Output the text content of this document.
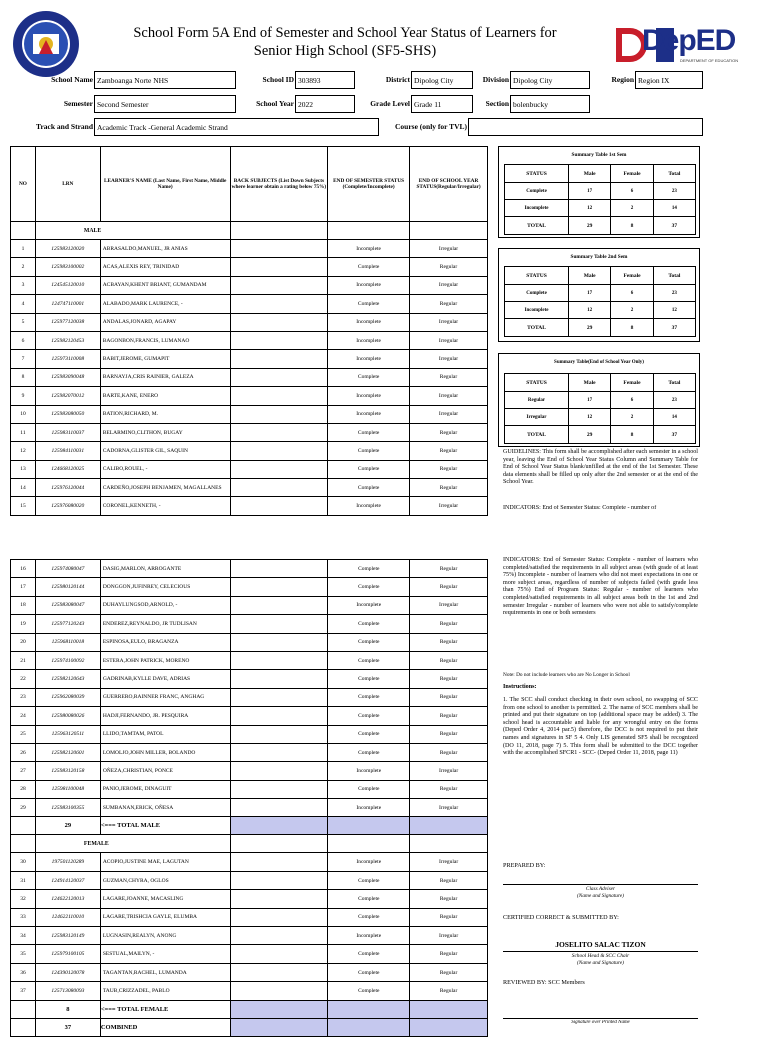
School Form 5A End of Semester and School Year Status of Learners for
Senior High School (SF5-SHS)	DepED
DEPARTMENT OF EDUCATION
School Name Zamboanga Norte NHS	School ID 303893	District Dipolog City	Division Dipolog City	Region Region IX
Semester Second Semester	School Year 2022	Grade Level Grade 11	Section bolenbucky
Track and Strand Academic Track -General Academic Strand	Course (only for TVL)
NO	LRN	LEARNER'S NAME (Last Name, First Name, Middle Name)	BACK SUBJECTS (List Down Subjects where learner obtain a rating below 75%)	END OF SEMESTER STATUS (Complete/Incomplete)	END OF SCHOOL YEAR STATUS(Regular/Irregular)
	MALE				
1	125983120020	ABRASALDO,MANUEL, JR ANIAS		Incomplete	Irregular
2	125983100002	ACAS,ALEXIS REY, TRINIDAD		Complete	Regular
3	124545120010	ACBAYAN,KHENT BRIANT, GUMANDAM		Incomplete	Irregular
4	124747110001	ALABADO,MARK LAURENCE, -		Complete	Regular
5	125977120038	ANDALAS,JONARD, AGAPAY		Incomplete	Irregular
6	125982120453	BAGONBON,FRANCIS, LUMANAO		Incomplete	Irregular
7	125973110008	BABIT,JEROME, GUMAPIT		Incomplete	Irregular
8	125983090048	BARNAYJA,CRIS RAINIER, GALEZA		Complete	Regular
9	125982070012	BARTE,KANE, ENERO		Incomplete	Irregular
10	125983080050	BATION,RICHARD, M.		Incomplete	Irregular
11	125983110037	BELARMINO,CLITHON, BUGAY		Complete	Regular
12	125984110031	CADORNA,GLISTER GIL, SAQUIN		Complete	Regular
13	124668120025	CALIBO,ROUEL, -		Complete	Regular
14	125976120044	CARDEÑO,JOSEPH BENJAMEN, MAGALLANES		Complete	Regular
15	125976080020	CORONEL,KENNETH, -		Incomplete	Irregular
Summary Table 1st Sem
STATUS	Male	Female	Total
Complete	17	6	23
Incomplete	12	2	14
TOTAL	29	8	37
Summary Table 2nd Sem
STATUS	Male	Female	Total
Complete	17	6	23
Incomplete	12	2	12
TOTAL	29	8	37
Summary Table(End of School Year Only)
STATUS	Male	Female	Total
Regular	17	6	23
Irregular	12	2	14
TOTAL	29	8	37
GUIDELINES: This form shall be accomplished after each semester in a school year, leaving the End of School Year Status Column and Summary Table for End of School Year Status blank/unfilled at the end of the 1st Semester. These data elements shall be filled up only after the 2nd semester or at the end of the School Year.
INDICATORS: End of Semester Status: Complete - number of
16	125974080047	DASIG,MARLON, ARROGANTE		Complete	Regular
17	125980120144	DONGGON,JUFINREY, CELECIOUS		Complete	Regular
18	125983080047	DUHAYLUNGSOD,ARNOLD, -		Incomplete	Irregular
19	125977120243	ENDEREZ,REYNALDO, JR TUDLISAN		Complete	Regular
20	125968110018	ESPINOSA,EULO, BRAGANZA		Complete	Regular
21	125974100092	ESTERA,JOHN PATRICK, MORENO		Complete	Regular
22	125982120643	GADRINAB,KYLLE DAVE, ADRIAS		Complete	Regular
23	125962080039	GUERRERO,RAINNER FRANC, ANGHAG		Complete	Regular
24	125980080026	HADJI,FERNANDO, JR. PESQUIRA		Complete	Regular
25	125963120511	LLIDO,TAMTAM, PATOL		Complete	Regular
26	125982120601	LOMOLJO,JOHN MILLER, BOLANDO		Complete	Regular
27	125983120158	OÑEZA,CHRISTIAN, PONCE		Incomplete	Irregular
28	125981100048	PANIO,JEROME, DINAGUIT		Complete	Regular
29	125983100355	SUMBANAN,ERICK, OÑESA		Incomplete	Irregular
	29	<=== TOTAL MALE			
	FEMALE				
30	197501120289	ACOPIO,JUSTINE MAE, LAGUTAN		Incomplete	Irregular
31	124914120037	GUZMAN,CHYRA, OGLOS		Complete	Regular
32	124622120013	LAGARE,JOANNE, MACASLING		Complete	Regular
33	124622110010	LAGARE,TRISHCIA GAYLE, ELUMBA		Complete	Regular
34	125983120149	LUGNASIN,REALYN, ANONG		Incomplete	Irregular
35	125979100105	SESTUAL,MAILYN, -		Complete	Regular
36	124390120078	TAGANTAN,RACHEL, LUMANDA		Complete	Regular
37	125713080093	TAUB,CRIZZADEL, PABLO		Complete	Regular
	8	<=== TOTAL FEMALE			
	37	COMBINED			
INDICATORS: End of Semester Status: Complete - number of learners who completed/satisfied the requirements in all subject areas (with grade of at least 75%) Incomplete - number of learners who did not meet expectations in one or more subject areas, regardless of number of subjects failed (with grade less than 75%) End of Program Status: Regular - number of learners who completed/satisfied requirements in all subject areas both in the 1st and 2nd semester Irregular - number of learners who were not able to satisfy/complete requirements in one or both semesters
Note: Do not include learners who are No Longer in School
Instructions:
1. The SCC shall conduct checking in their own school, no swapping of SCC from one school to another is permitted. 2. The name of SCC members shall be printed and put their signature on top (additional space may be added) 3. The school head is accountable and liable for any wrongful entry on the forms (Deped Order 4, 2014 par.5) therefore, the DCC is not required to put their names and signatures in SF 5 4. Only LIS generated SF5 shall be recognized (DO 11, 2018, page 7) 5. This form shall be submitted to the DCC together with the accomplished SFCR1 - SCC- (Deped Order 11, 2018, page 11)
PREPARED BY:
Class Adviser
(Name and Signature)
CERTIFIED CORRECT & SUBMITTED BY:
JOSELITO SALAC TIZON
School Head & SCC Chair
(Name and Signature)
REVIEWED BY: SCC Members
Signature over Printed Name
